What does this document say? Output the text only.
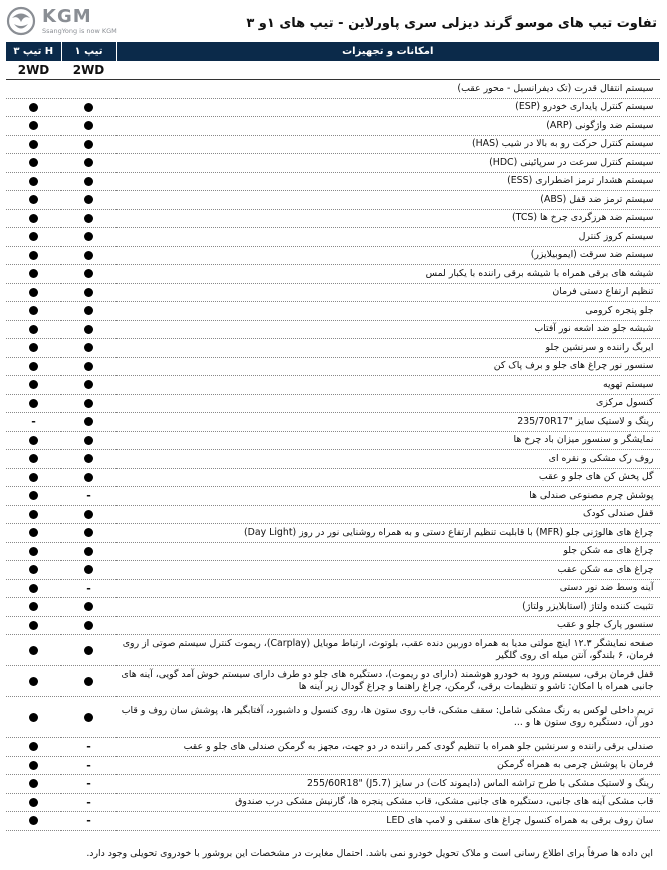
KGM
SsangYong is now KGM	تفاوت تیپ های موسو گرند دیزلی سری پاورلاین - تیپ های ۱و ۳
تیپ ۳ H	تیپ ۱	امکانات و تجهیزات
2WD	2WD	
		سیستم انتقال قدرت (تک دیفرانسیل - محور عقب)
		سیستم کنترل پایداری خودرو (ESP)
		سیستم ضد واژگونی (ARP)
		سیستم کنترل حرکت رو به بالا در شیب (HAS)
		سیستم کنترل سرعت در سرپائینی (HDC)
		سیستم هشدار ترمز اضطراری (ESS)
		سیستم ترمز ضد قفل (ABS)
		سیستم ضد هرزگردی چرخ ها (TCS)
		سیستم کروز کنترل
		سیستم ضد سرقت (ایموبیلایزر)
		شیشه های برقی همراه با شیشه برقی راننده با یکبار لمس
		تنظیم ارتفاع دستی فرمان
		جلو پنجره کرومی
		شیشه جلو ضد اشعه نور آفتاب
		ایربگ راننده و سرنشین جلو
		سنسور نور چراغ های جلو و برف پاک کن
		سیستم تهویه
		کنسول مرکزی
-		رینگ و لاستیک سایز "235/70R17
		نمایشگر و سنسور میزان باد چرخ ها
		روف رک مشکی و نقره ای
		گل پخش کن های جلو و عقب
	-	پوشش چرم مصنوعی صندلی ها
		قفل صندلی کودک
		چراغ های هالوژنی جلو (MFR) با قابلیت تنظیم ارتفاع دستی و به همراه روشنایی نور در روز (Day Light)
		چراغ های مه شکن جلو
		چراغ های مه شکن عقب
	-	آینه وسط ضد نور دستی
		تثبیت کننده ولتاژ (استابلایزر ولتاژ)
		سنسور پارک جلو و عقب
		صفحه نمایشگر ۱۲.۳ اینچ مولتی مدیا به همراه دوربین دنده عقب، بلوتوث، ارتباط موبایل (Carplay)، ریموت کنترل سیستم صوتی از روی فرمان، ۶ بلندگو، آنتن میله ای روی گلگیر
		قفل فرمان برقی، سیستم ورود به خودرو هوشمند (دارای دو ریموت)، دستگیره های جلو دو طرف دارای سیستم خوش آمد گویی، آینه های جانبی همراه با امکان: تاشو و تنظیمات برقی، گرمکن، چراغ راهنما و چراغ گودال زیر آینه ها
		تریم داخلی لوکس به رنگ مشکی شامل: سقف مشکی، قاب روی ستون ها، روی کنسول و داشبورد، آفتابگیر ها، پوشش سان روف و قاب دور آن، دستگیره روی ستون ها و ...
	-	صندلی برقی راننده و سرنشین جلو همراه با تنظیم گودی کمر راننده در دو جهت، مجهز به گرمکن صندلی های جلو و عقب
	-	فرمان با پوشش چرمی به همراه گرمکن
	-	رینگ و لاستیک مشکی با طرح تراشه الماس (دایموند کات) در سایز (J5.7) "255/60R18
	-	قاب مشکی آینه های جانبی، دستگیره های جانبی مشکی، قاب مشکی پنجره ها، گارنیش مشکی درب صندوق
	-	سان روف برقی به همراه کنسول چراغ های سقفی و لامپ های LED
این داده ها صرفاً برای اطلاع رسانی است و ملاک تحویل خودرو نمی باشد. احتمال مغایرت در مشخصات این بروشور با خودروی تحویلی وجود دارد.
